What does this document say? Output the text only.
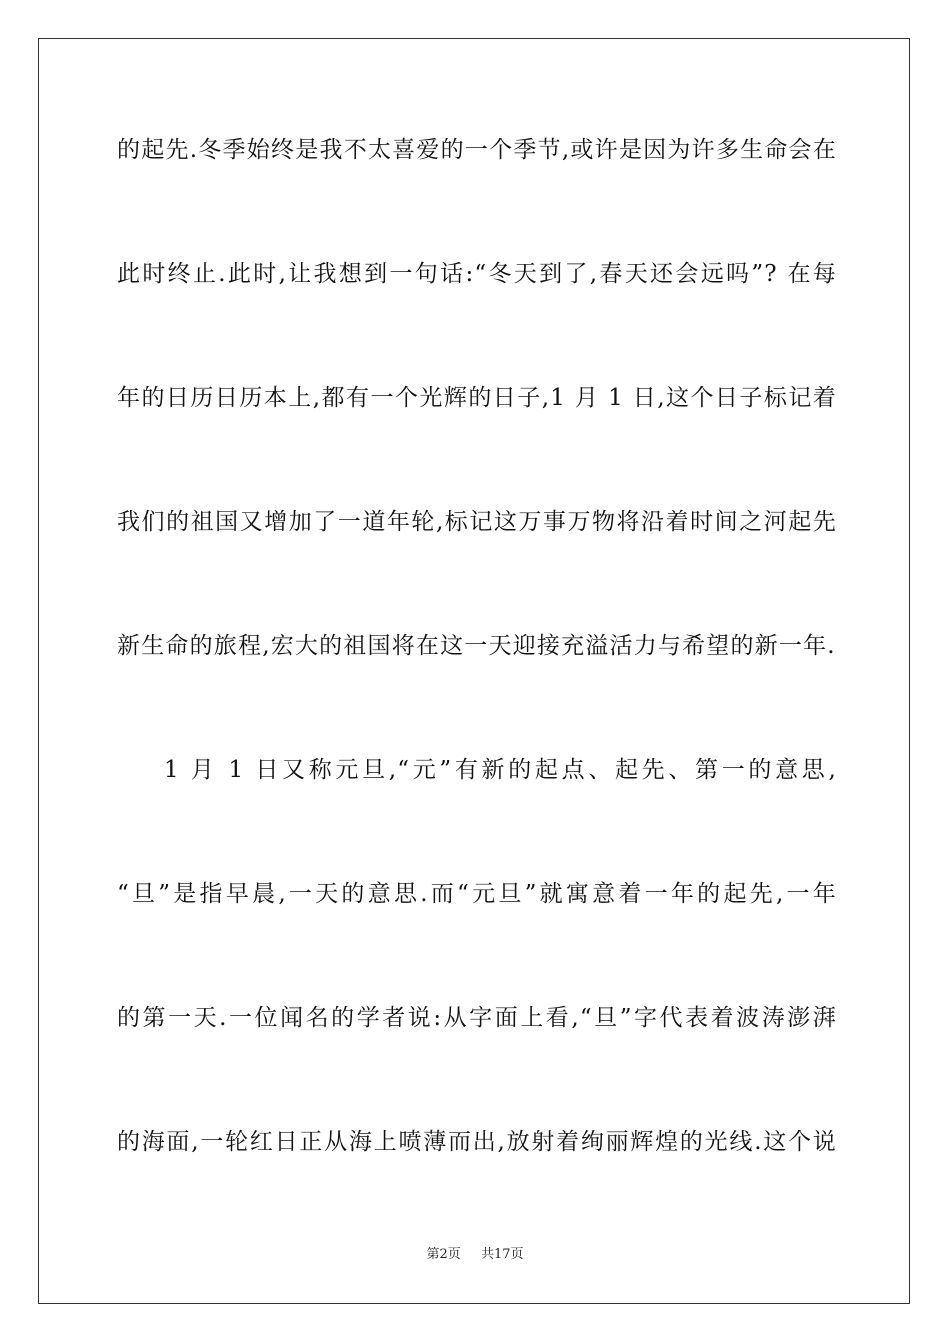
的起先.冬季始终是我不太喜爱的一个季节,或许是因为许多生命会在
此时终止.此时,让我想到一句话:“冬天到了,春天还会远吗”? 在每
年的日历日历本上,都有一个光辉的日子,1 月 1 日,这个日子标记着
我们的祖国又增加了一道年轮,标记这万事万物将沿着时间之河起先
新生命的旅程,宏大的祖国将在这一天迎接充溢活力与希望的新一年.
1 月 1 日又称元旦,“元”有新的起点、起先、第一的意思,
“旦”是指早晨,一天的意思.而“元旦”就寓意着一年的起先,一年
的第一天.一位闻名的学者说:从字面上看,“旦”字代表着波涛澎湃
的海面,一轮红日正从海上喷薄而出,放射着绚丽辉煌的光线.这个说
第2页 共17页
